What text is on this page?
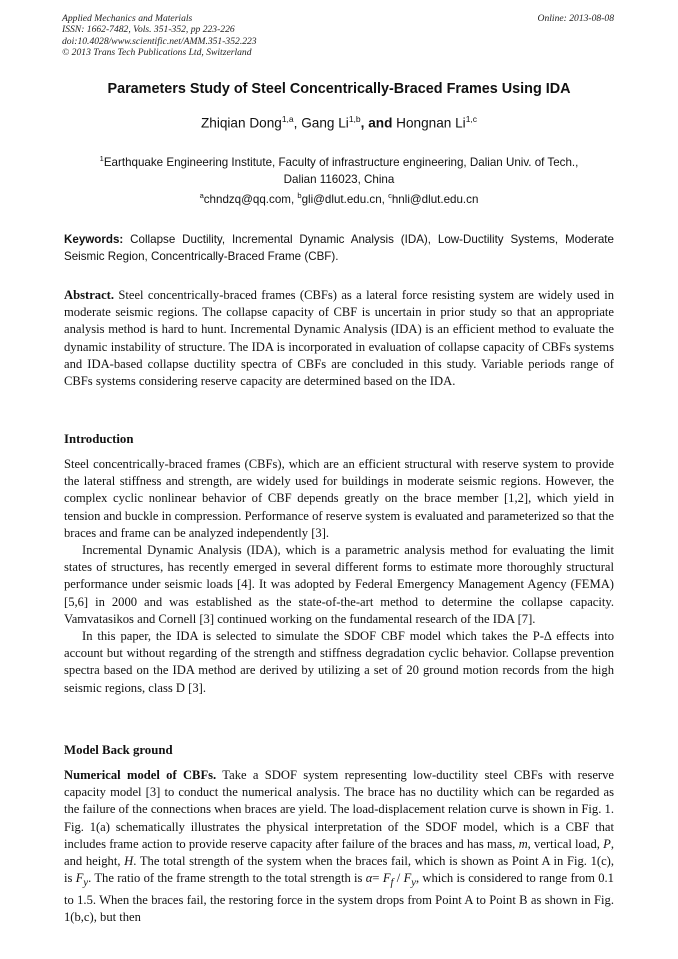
Applied Mechanics and Materials
ISSN: 1662-7482, Vols. 351-352, pp 223-226
doi:10.4028/www.scientific.net/AMM.351-352.223
© 2013 Trans Tech Publications Ltd, Switzerland
Online: 2013-08-08
Parameters Study of Steel Concentrically-Braced Frames Using IDA
Zhiqian Dong$^{1,a}$, Gang Li$^{1,b}$, and Hongnan Li$^{1,c}$
$^1$Earthquake Engineering Institute, Faculty of infrastructure engineering, Dalian Univ. of Tech.,
Dalian 116023, China
$^a$chndzq@qq.com, $^b$gli@dlut.edu.cn, $^c$hnli@dlut.edu.cn
Keywords: Collapse Ductility, Incremental Dynamic Analysis (IDA), Low-Ductility Systems, Moderate Seismic Region, Concentrically-Braced Frame (CBF).

Abstract. Steel concentrically-braced frames (CBFs) as a lateral force resisting system are widely used in moderate seismic regions. The collapse capacity of CBF is uncertain in prior study so that an appropriate analysis method is hard to hunt. Incremental Dynamic Analysis (IDA) is an efficient method to evaluate the dynamic instability of structure. The IDA is incorporated in evaluation of collapse capacity of CBFs systems and IDA-based collapse ductility spectra of CBFs are concluded in this study. Variable periods range of CBFs systems considering reserve capacity are determined based on the IDA.

Introduction

Steel concentrically-braced frames (CBFs), which are an efficient structural with reserve system to provide the lateral stiffness and strength, are widely used for buildings in moderate seismic regions. However, the complex cyclic nonlinear behavior of CBF depends greatly on the brace member [1,2], which yield in tension and buckle in compression. Performance of reserve system is evaluated and parameterized so that the braces and frame can be analyzed independently [3].

Incremental Dynamic Analysis (IDA), which is a parametric analysis method for evaluating the limit states of structures, has recently emerged in several different forms to estimate more thoroughly structural performance under seismic loads [4]. It was adopted by Federal Emergency Management Agency (FEMA) [5,6] in 2000 and was established as the state-of-the-art method to determine the collapse capacity. Vamvatasikos and Cornell [3] continued working on the fundamental research of the IDA [7].

In this paper, the IDA is selected to simulate the SDOF CBF model which takes the P-Δ effects into account but without regarding of the strength and stiffness degradation cyclic behavior. Collapse prevention spectra based on the IDA method are derived by utilizing a set of 20 ground motion records from the high seismic regions, class D [3].

Model Back ground

Numerical model of CBFs. Take a SDOF system representing low-ductility steel CBFs with reserve capacity model [3] to conduct the numerical analysis. The brace has no ductility which can be regarded as the failure of the connections when braces are yield. The load-displacement relation curve is shown in Fig. 1. Fig. 1(a) schematically illustrates the physical interpretation of the SDOF model, which is a CBF that includes frame action to provide reserve capacity after failure of the braces and has mass, m, vertical load, P, and height, H. The total strength of the system when the braces fail, which is shown as Point A in Fig. 1(c), is $F_y$. The ratio of the frame strength to the total strength is $\alpha= F_f / F_y$, which is considered to range from 0.1 to 1.5. When the braces fail, the restoring force in the system drops from Point A to Point B as shown in Fig. 1(b,c), but then
